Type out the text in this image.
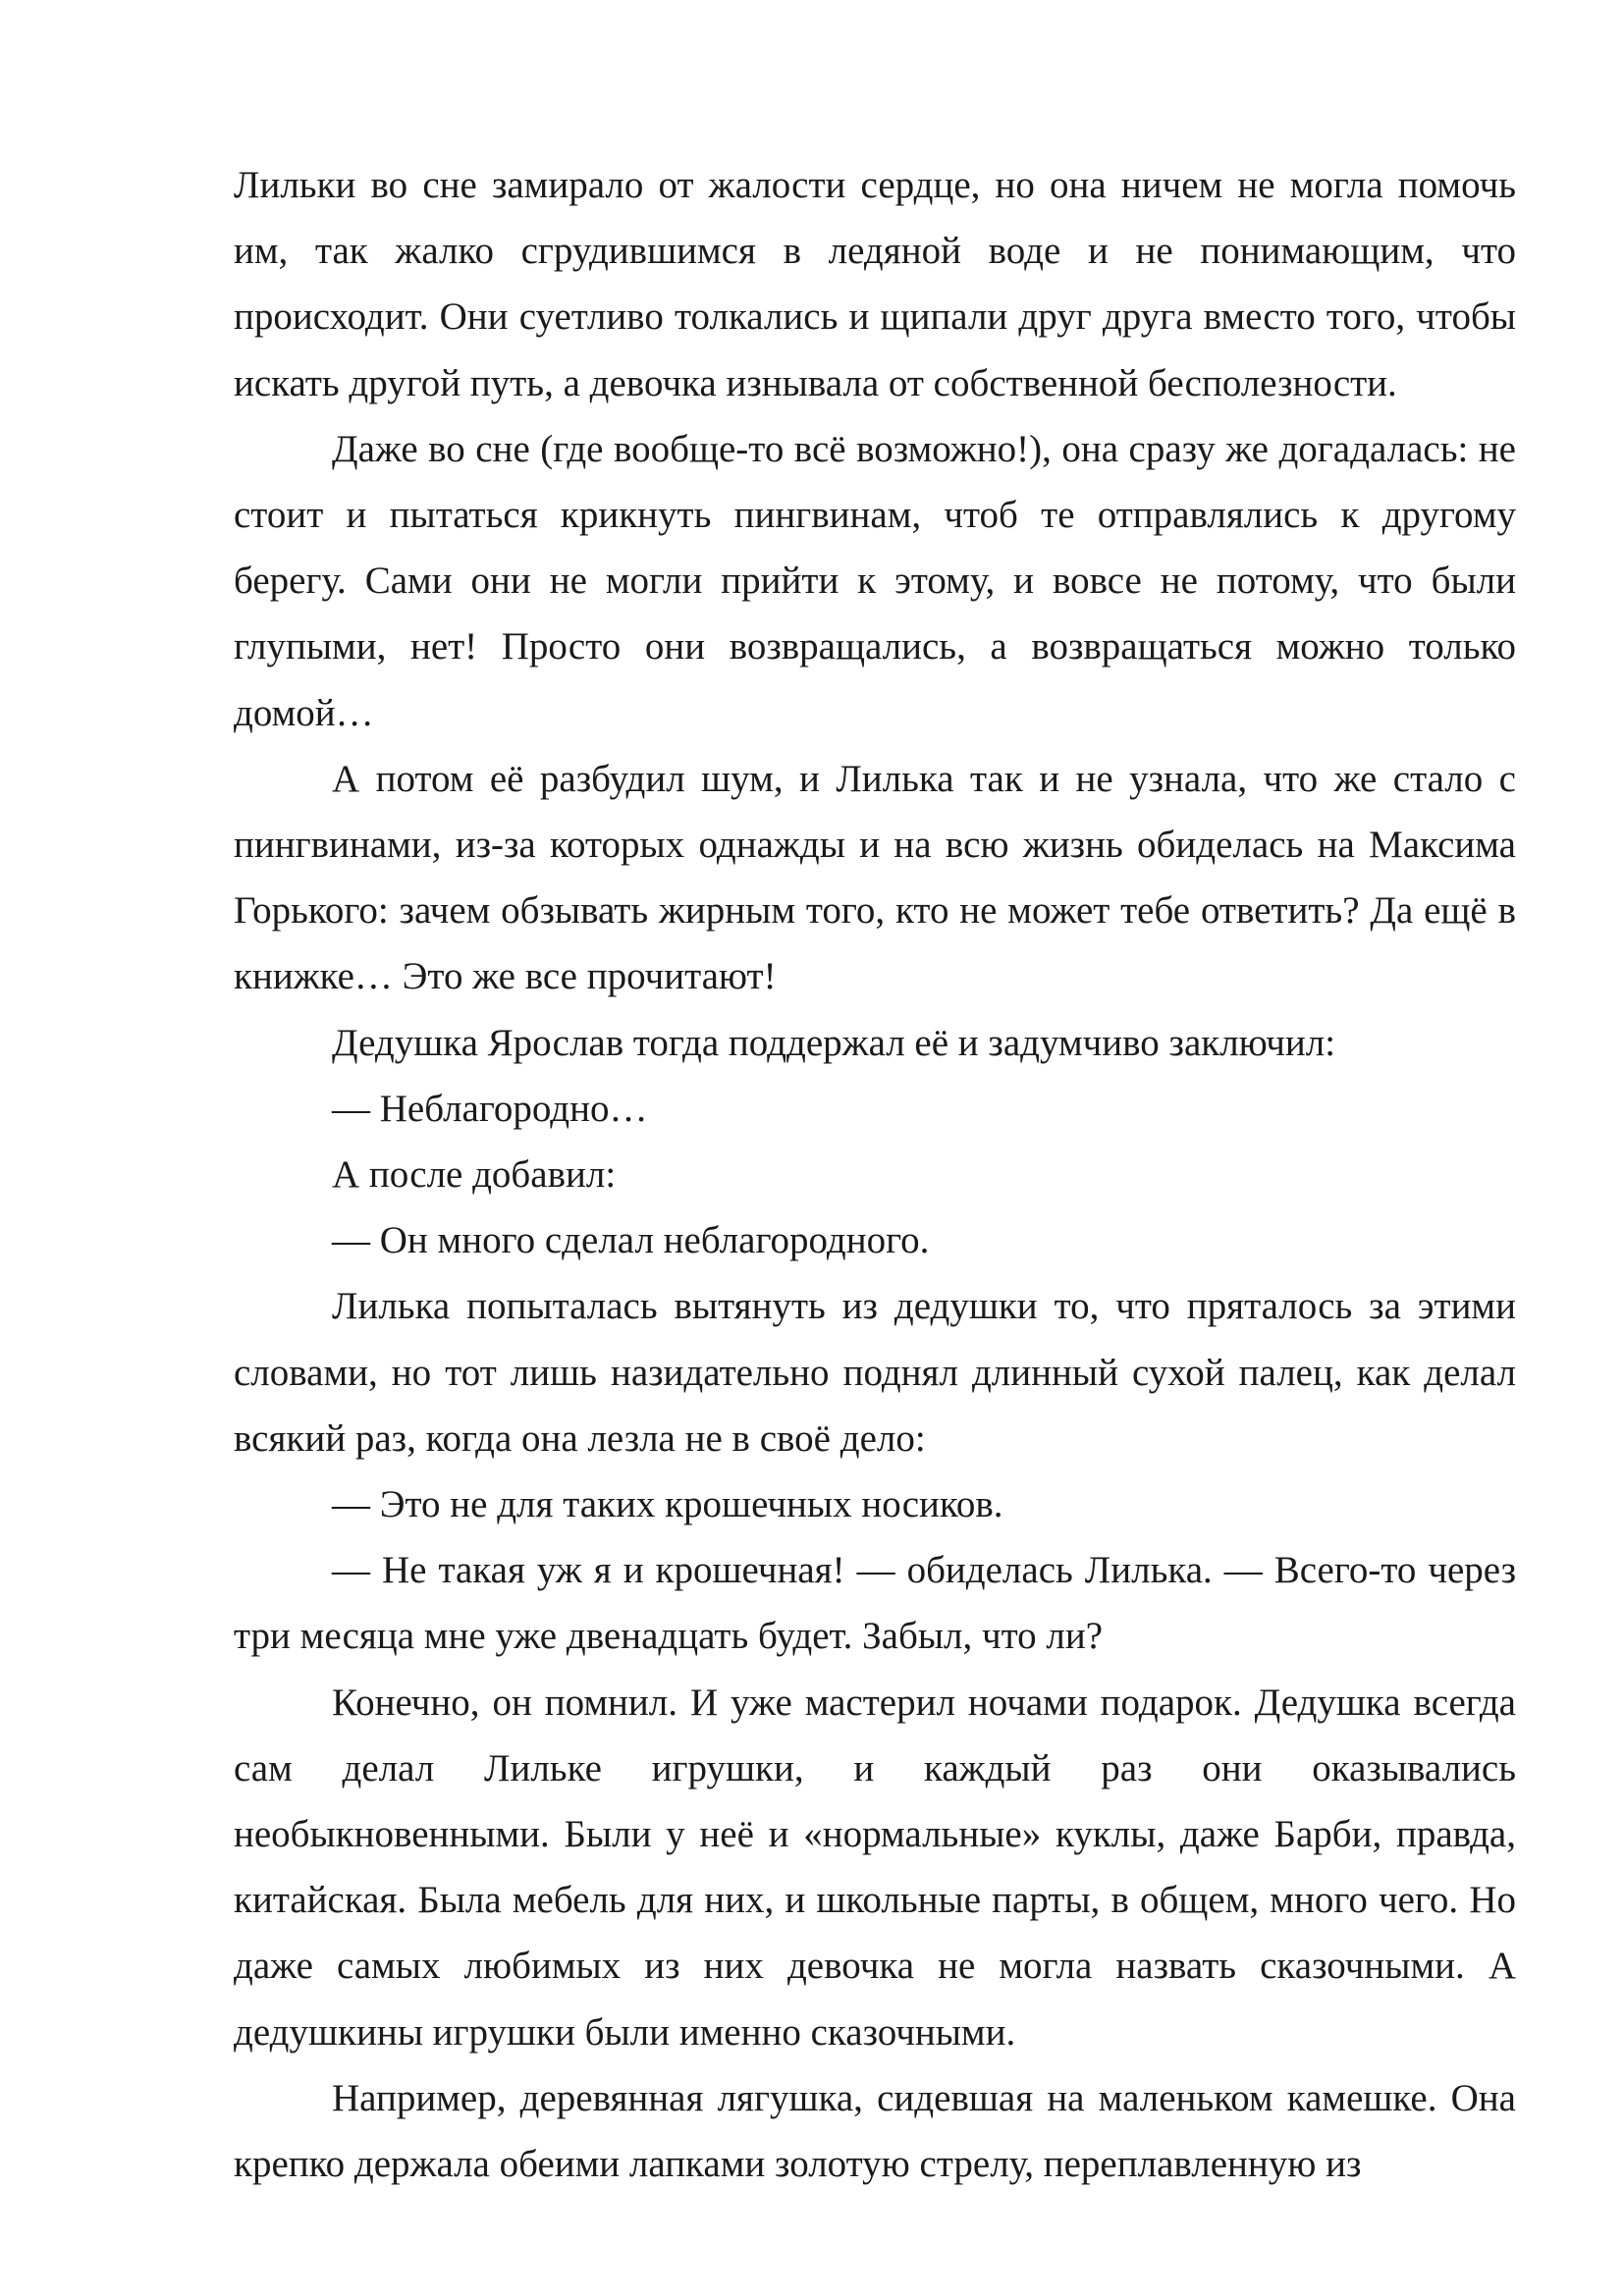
Лильки во сне замирало от жалости сердце, но она ничем не могла помочь им, так жалко сгрудившимся в ледяной воде и не понимающим, что происходит. Они суетливо толкались и щипали друг друга вместо того, чтобы искать другой путь, а девочка изнывала от собственной бесполезности.

Даже во сне (где вообще-то всё возможно!), она сразу же догадалась: не стоит и пытаться крикнуть пингвинам, чтоб те отправлялись к другому берегу. Сами они не могли прийти к этому, и вовсе не потому, что были глупыми, нет! Просто они возвращались, а возвращаться можно только домой…

А потом её разбудил шум, и Лилька так и не узнала, что же стало с пингвинами, из-за которых однажды и на всю жизнь обиделась на Максима Горького: зачем обзывать жирным того, кто не может тебе ответить? Да ещё в книжке… Это же все прочитают!

Дедушка Ярослав тогда поддержал её и задумчиво заключил:

— Неблагородно…

А после добавил:

— Он много сделал неблагородного.

Лилька попыталась вытянуть из дедушки то, что пряталось за этими словами, но тот лишь назидательно поднял длинный сухой палец, как делал всякий раз, когда она лезла не в своё дело:

— Это не для таких крошечных носиков.

— Не такая уж я и крошечная! — обиделась Лилька. — Всего-то через три месяца мне уже двенадцать будет. Забыл, что ли?

Конечно, он помнил. И уже мастерил ночами подарок. Дедушка всегда сам делал Лильке игрушки, и каждый раз они оказывались необыкновенными. Были у неё и «нормальные» куклы, даже Барби, правда, китайская. Была мебель для них, и школьные парты, в общем, много чего. Но даже самых любимых из них девочка не могла назвать сказочными. А дедушкины игрушки были именно сказочными.

Например, деревянная лягушка, сидевшая на маленьком камешке. Она крепко держала обеими лапками золотую стрелу, переплавленную из
